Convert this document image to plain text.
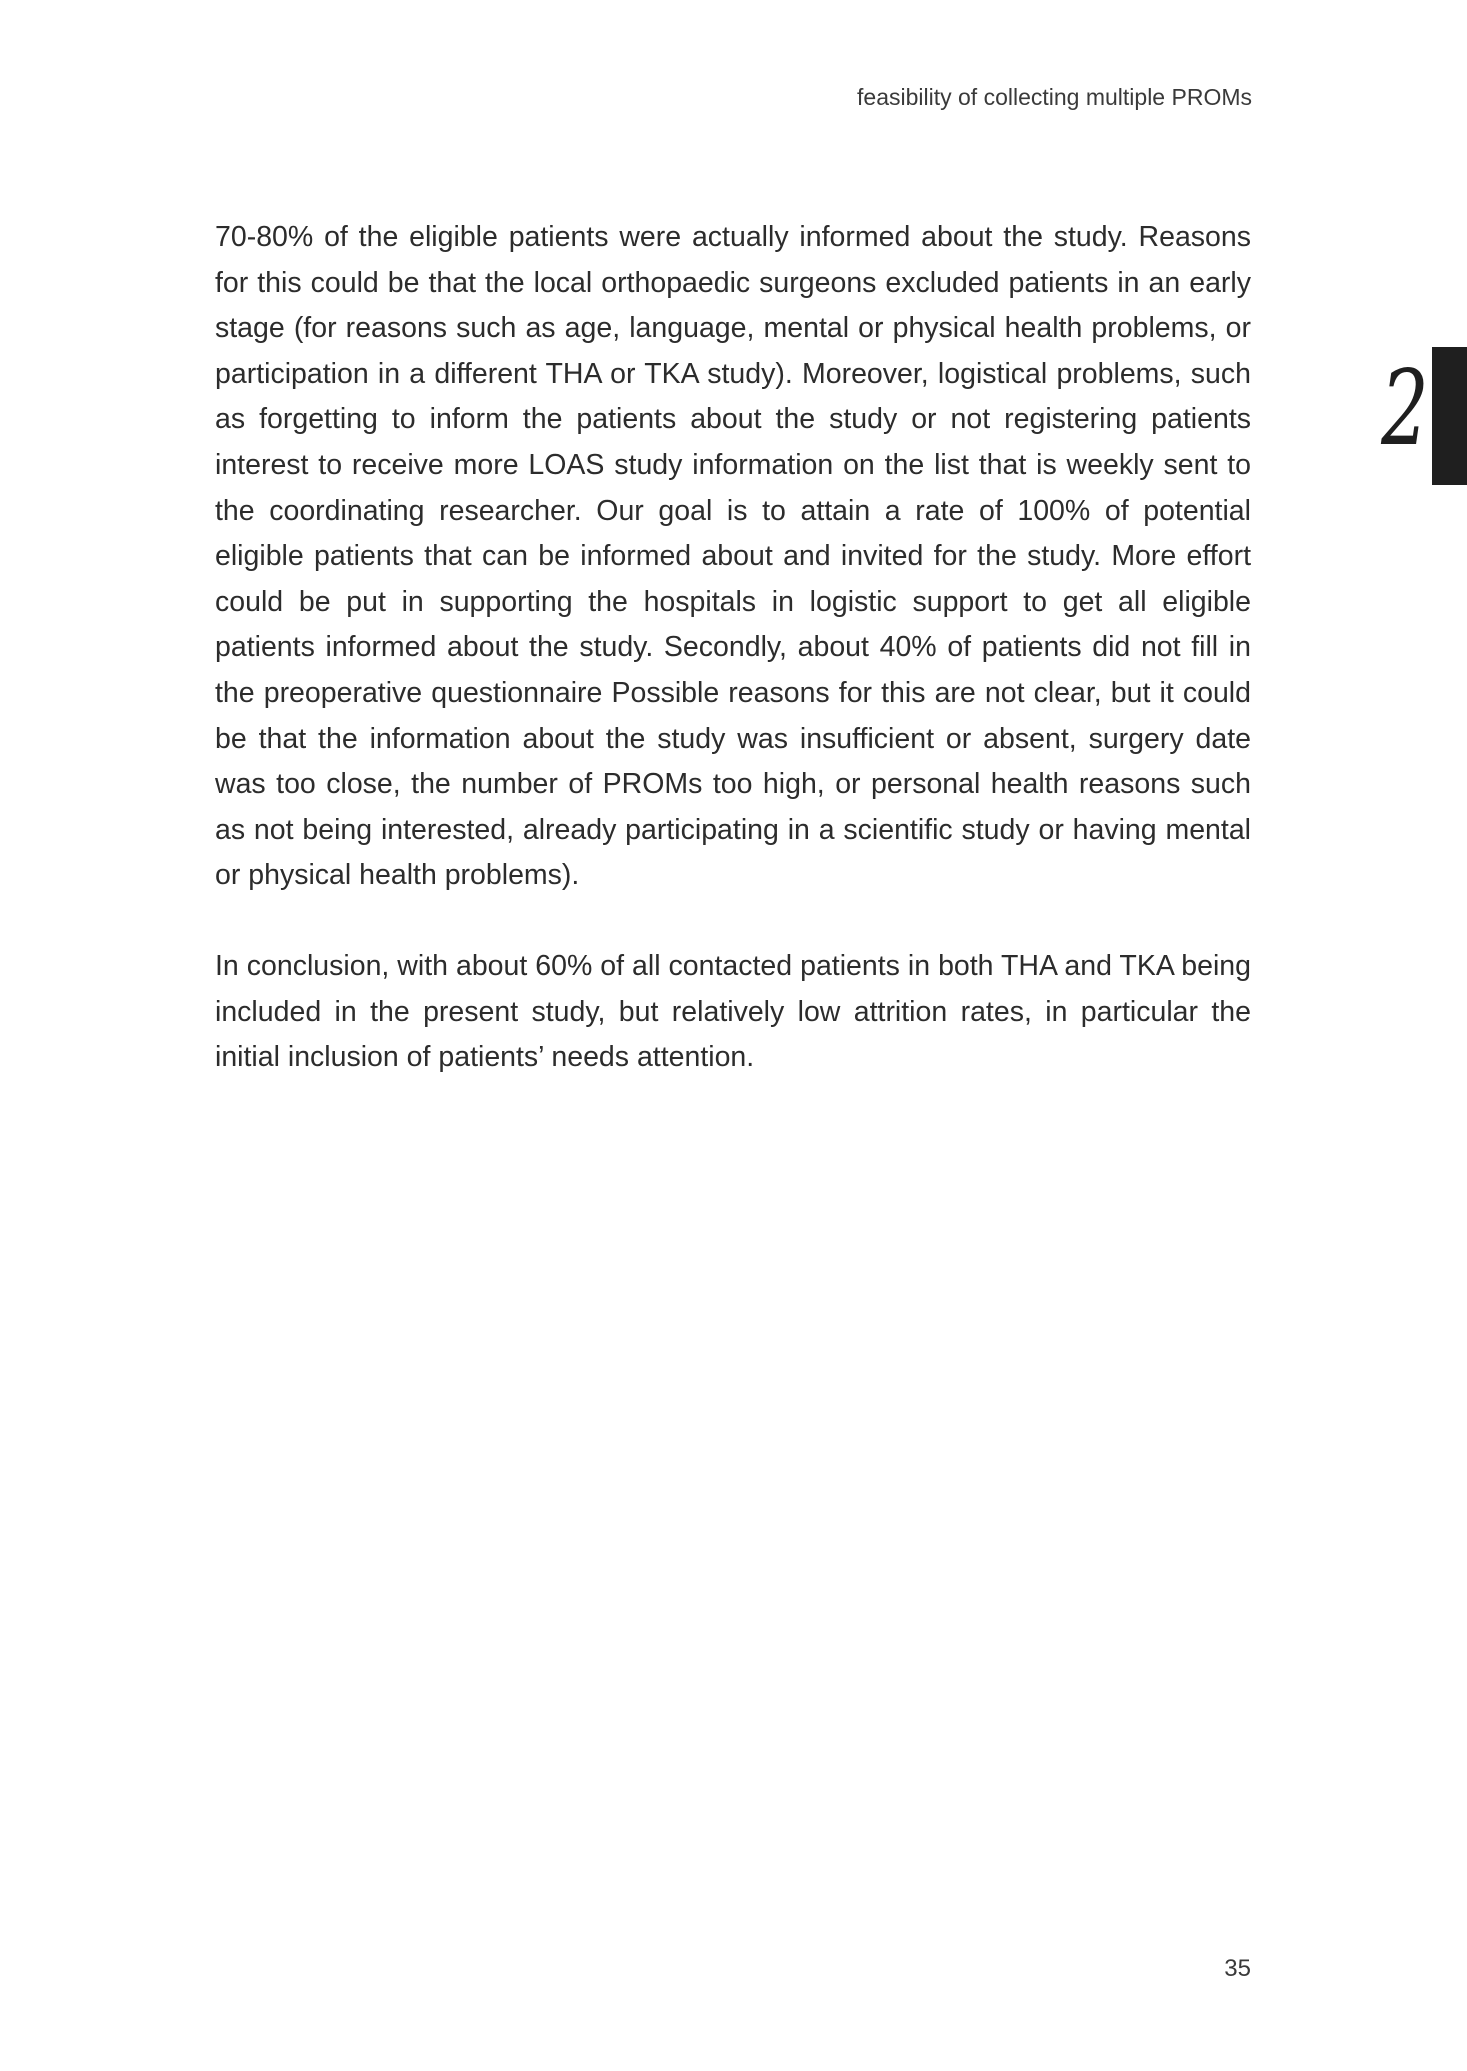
feasibility of collecting multiple PROMs
2

70-80% of the eligible patients were actually informed about the study. Reasons for this could be that the local orthopaedic surgeons excluded patients in an early stage (for reasons such as age, language, mental or physical health problems, or participation in a different THA or TKA study). Moreover, logistical problems, such as forgetting to inform the patients about the study or not registering patients interest to receive more LOAS study information on the list that is weekly sent to the coordinating researcher. Our goal is to attain a rate of 100% of potential eligible patients that can be informed about and invited for the study. More effort could be put in supporting the hospitals in logistic support to get all eligible patients informed about the study. Secondly, about 40% of patients did not fill in the preoperative questionnaire Possible reasons for this are not clear, but it could be that the information about the study was insufficient or absent, surgery date was too close, the number of PROMs too high, or personal health reasons such as not being interested, already participating in a scientific study or having mental or physical health problems).

In conclusion, with about 60% of all contacted patients in both THA and TKA being included in the present study, but relatively low attrition rates, in particular the initial inclusion of patients’ needs attention.

35
